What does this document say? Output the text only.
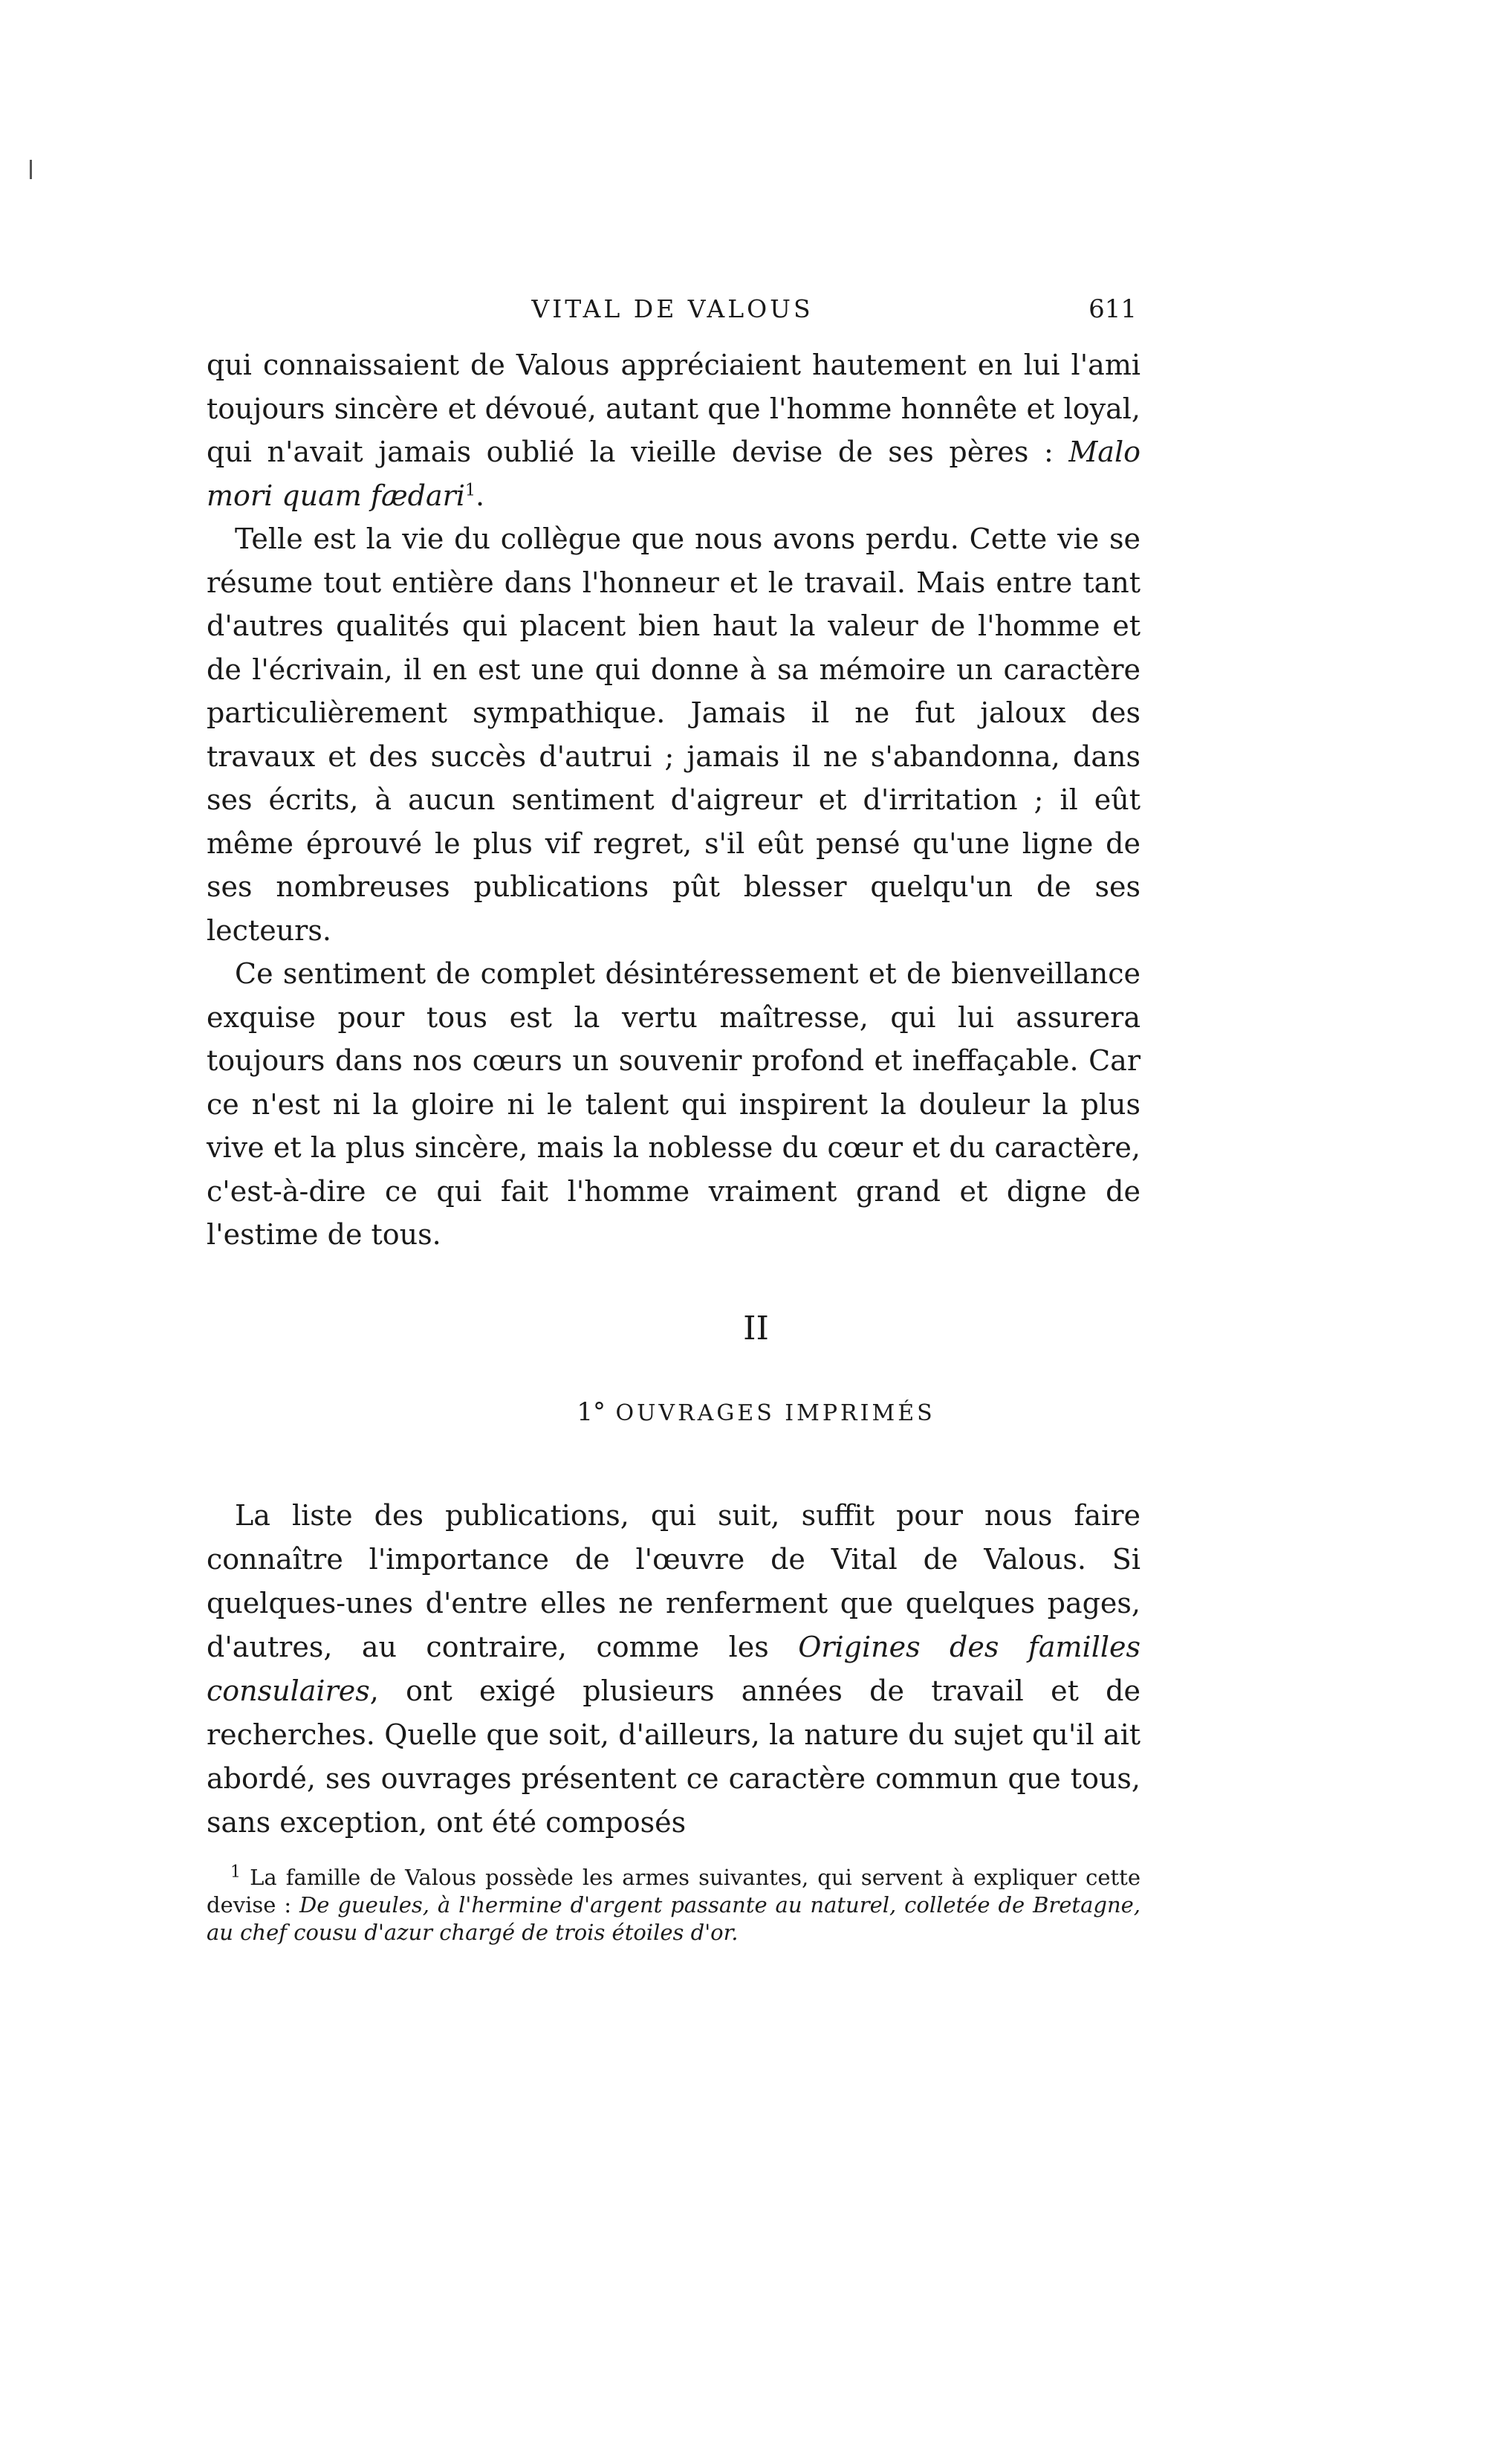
VITAL DE VALOUS	611

qui connaissaient de Valous appréciaient hautement en lui l'ami toujours sincère et dévoué, autant que l'homme honnête et loyal, qui n'avait jamais oublié la vieille devise de ses pères : Malo mori quam fædari$^1$.

Telle est la vie du collègue que nous avons perdu. Cette vie se résume tout entière dans l'honneur et le travail. Mais entre tant d'autres qualités qui placent bien haut la valeur de l'homme et de l'écrivain, il en est une qui donne à sa mémoire un caractère particulièrement sympathique. Jamais il ne fut jaloux des travaux et des succès d'autrui ; jamais il ne s'abandonna, dans ses écrits, à aucun sentiment d'aigreur et d'irritation ; il eût même éprouvé le plus vif regret, s'il eût pensé qu'une ligne de ses nombreuses publications pût blesser quelqu'un de ses lecteurs.

Ce sentiment de complet désintéressement et de bienveillance exquise pour tous est la vertu maîtresse, qui lui assurera toujours dans nos cœurs un souvenir profond et ineffaçable. Car ce n'est ni la gloire ni le talent qui inspirent la douleur la plus vive et la plus sincère, mais la noblesse du cœur et du caractère, c'est-à-dire ce qui fait l'homme vraiment grand et digne de l'estime de tous.

II
1° OUVRAGES IMPRIMÉS

La liste des publications, qui suit, suffit pour nous faire connaître l'importance de l'œuvre de Vital de Valous. Si quelques-unes d'entre elles ne renferment que quelques pages, d'autres, au contraire, comme les Origines des familles consulaires, ont exigé plusieurs années de travail et de recherches. Quelle que soit, d'ailleurs, la nature du sujet qu'il ait abordé, ses ouvrages présentent ce caractère commun que tous, sans exception, ont été composés

$^1$ La famille de Valous possède les armes suivantes, qui servent à expliquer cette devise : De gueules, à l'hermine d'argent passante au naturel, colletée de Bretagne, au chef cousu d'azur chargé de trois étoiles d'or.
